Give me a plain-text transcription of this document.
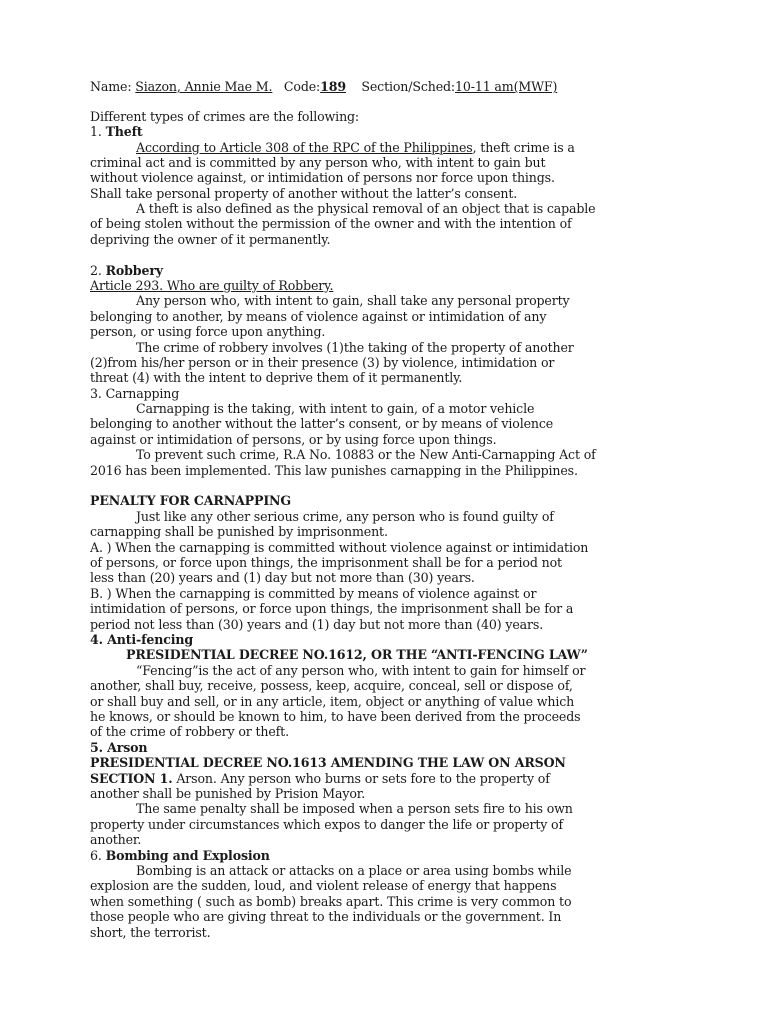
Name: Siazon, Annie Mae M. Code:189 Section/Sched:10-11 am(MWF)
Different types of crimes are the following:
1. Theft
According to Article 308 of the RPC of the Philippines, theft crime is a
criminal act and is committed by any person who, with intent to gain but
without violence against, or intimidation of persons nor force upon things.
Shall take personal property of another without the latter’s consent.
A theft is also defined as the physical removal of an object that is capable
of being stolen without the permission of the owner and with the intention of
depriving the owner of it permanently.
2. Robbery
Article 293. Who are guilty of Robbery.
Any person who, with intent to gain, shall take any personal property
belonging to another, by means of violence against or intimidation of any
person, or using force upon anything.
The crime of robbery involves (1)the taking of the property of another
(2)from his/her person or in their presence (3) by violence, intimidation or
threat (4) with the intent to deprive them of it permanently.
3. Carnapping
Carnapping is the taking, with intent to gain, of a motor vehicle
belonging to another without the latter’s consent, or by means of violence
against or intimidation of persons, or by using force upon things.
To prevent such crime, R.A No. 10883 or the New Anti-Carnapping Act of
2016 has been implemented. This law punishes carnapping in the Philippines.
PENALTY FOR CARNAPPING
Just like any other serious crime, any person who is found guilty of
carnapping shall be punished by imprisonment.
A. ) When the carnapping is committed without violence against or intimidation
of persons, or force upon things, the imprisonment shall be for a period not
less than (20) years and (1) day but not more than (30) years.
B. ) When the carnapping is committed by means of violence against or
intimidation of persons, or force upon things, the imprisonment shall be for a
period not less than (30) years and (1) day but not more than (40) years.
4. Anti-fencing
PRESIDENTIAL DECREE NO.1612, OR THE “ANTI-FENCING LAW”
“Fencing”is the act of any person who, with intent to gain for himself or
another, shall buy, receive, possess, keep, acquire, conceal, sell or dispose of,
or shall buy and sell, or in any article, item, object or anything of value which
he knows, or should be known to him, to have been derived from the proceeds
of the crime of robbery or theft.
5. Arson
PRESIDENTIAL DECREE NO.1613 AMENDING THE LAW ON ARSON
SECTION 1. Arson. Any person who burns or sets fore to the property of
another shall be punished by Prision Mayor.
The same penalty shall be imposed when a person sets fire to his own
property under circumstances which expos to danger the life or property of
another.
6. Bombing and Explosion
Bombing is an attack or attacks on a place or area using bombs while
explosion are the sudden, loud, and violent release of energy that happens
when something ( such as bomb) breaks apart. This crime is very common to
those people who are giving threat to the individuals or the government. In
short, the terrorist.
